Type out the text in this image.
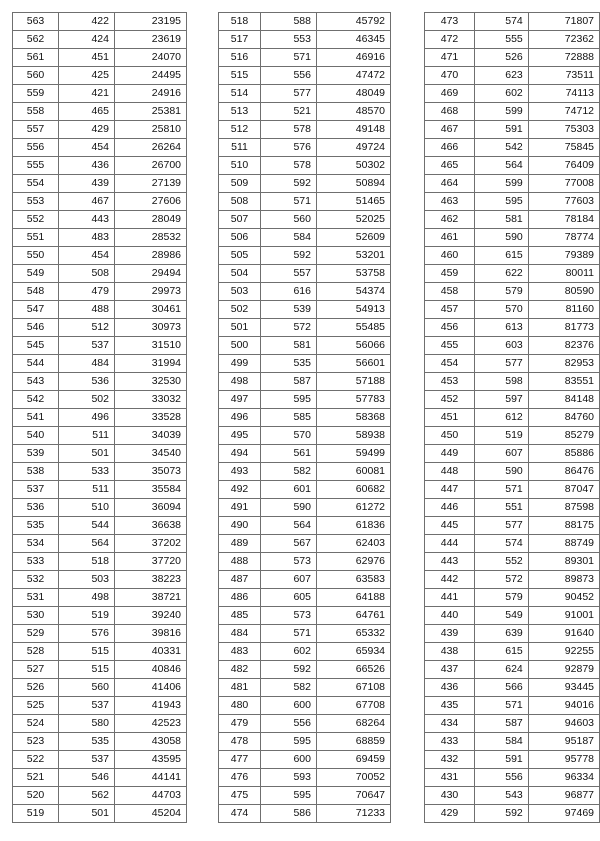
563	422	23195
562	424	23619
561	451	24070
560	425	24495
559	421	24916
558	465	25381
557	429	25810
556	454	26264
555	436	26700
554	439	27139
553	467	27606
552	443	28049
551	483	28532
550	454	28986
549	508	29494
548	479	29973
547	488	30461
546	512	30973
545	537	31510
544	484	31994
543	536	32530
542	502	33032
541	496	33528
540	511	34039
539	501	34540
538	533	35073
537	511	35584
536	510	36094
535	544	36638
534	564	37202
533	518	37720
532	503	38223
531	498	38721
530	519	39240
529	576	39816
528	515	40331
527	515	40846
526	560	41406
525	537	41943
524	580	42523
523	535	43058
522	537	43595
521	546	44141
520	562	44703
519	501	45204
518	588	45792
517	553	46345
516	571	46916
515	556	47472
514	577	48049
513	521	48570
512	578	49148
511	576	49724
510	578	50302
509	592	50894
508	571	51465
507	560	52025
506	584	52609
505	592	53201
504	557	53758
503	616	54374
502	539	54913
501	572	55485
500	581	56066
499	535	56601
498	587	57188
497	595	57783
496	585	58368
495	570	58938
494	561	59499
493	582	60081
492	601	60682
491	590	61272
490	564	61836
489	567	62403
488	573	62976
487	607	63583
486	605	64188
485	573	64761
484	571	65332
483	602	65934
482	592	66526
481	582	67108
480	600	67708
479	556	68264
478	595	68859
477	600	69459
476	593	70052
475	595	70647
474	586	71233
473	574	71807
472	555	72362
471	526	72888
470	623	73511
469	602	74113
468	599	74712
467	591	75303
466	542	75845
465	564	76409
464	599	77008
463	595	77603
462	581	78184
461	590	78774
460	615	79389
459	622	80011
458	579	80590
457	570	81160
456	613	81773
455	603	82376
454	577	82953
453	598	83551
452	597	84148
451	612	84760
450	519	85279
449	607	85886
448	590	86476
447	571	87047
446	551	87598
445	577	88175
444	574	88749
443	552	89301
442	572	89873
441	579	90452
440	549	91001
439	639	91640
438	615	92255
437	624	92879
436	566	93445
435	571	94016
434	587	94603
433	584	95187
432	591	95778
431	556	96334
430	543	96877
429	592	97469
